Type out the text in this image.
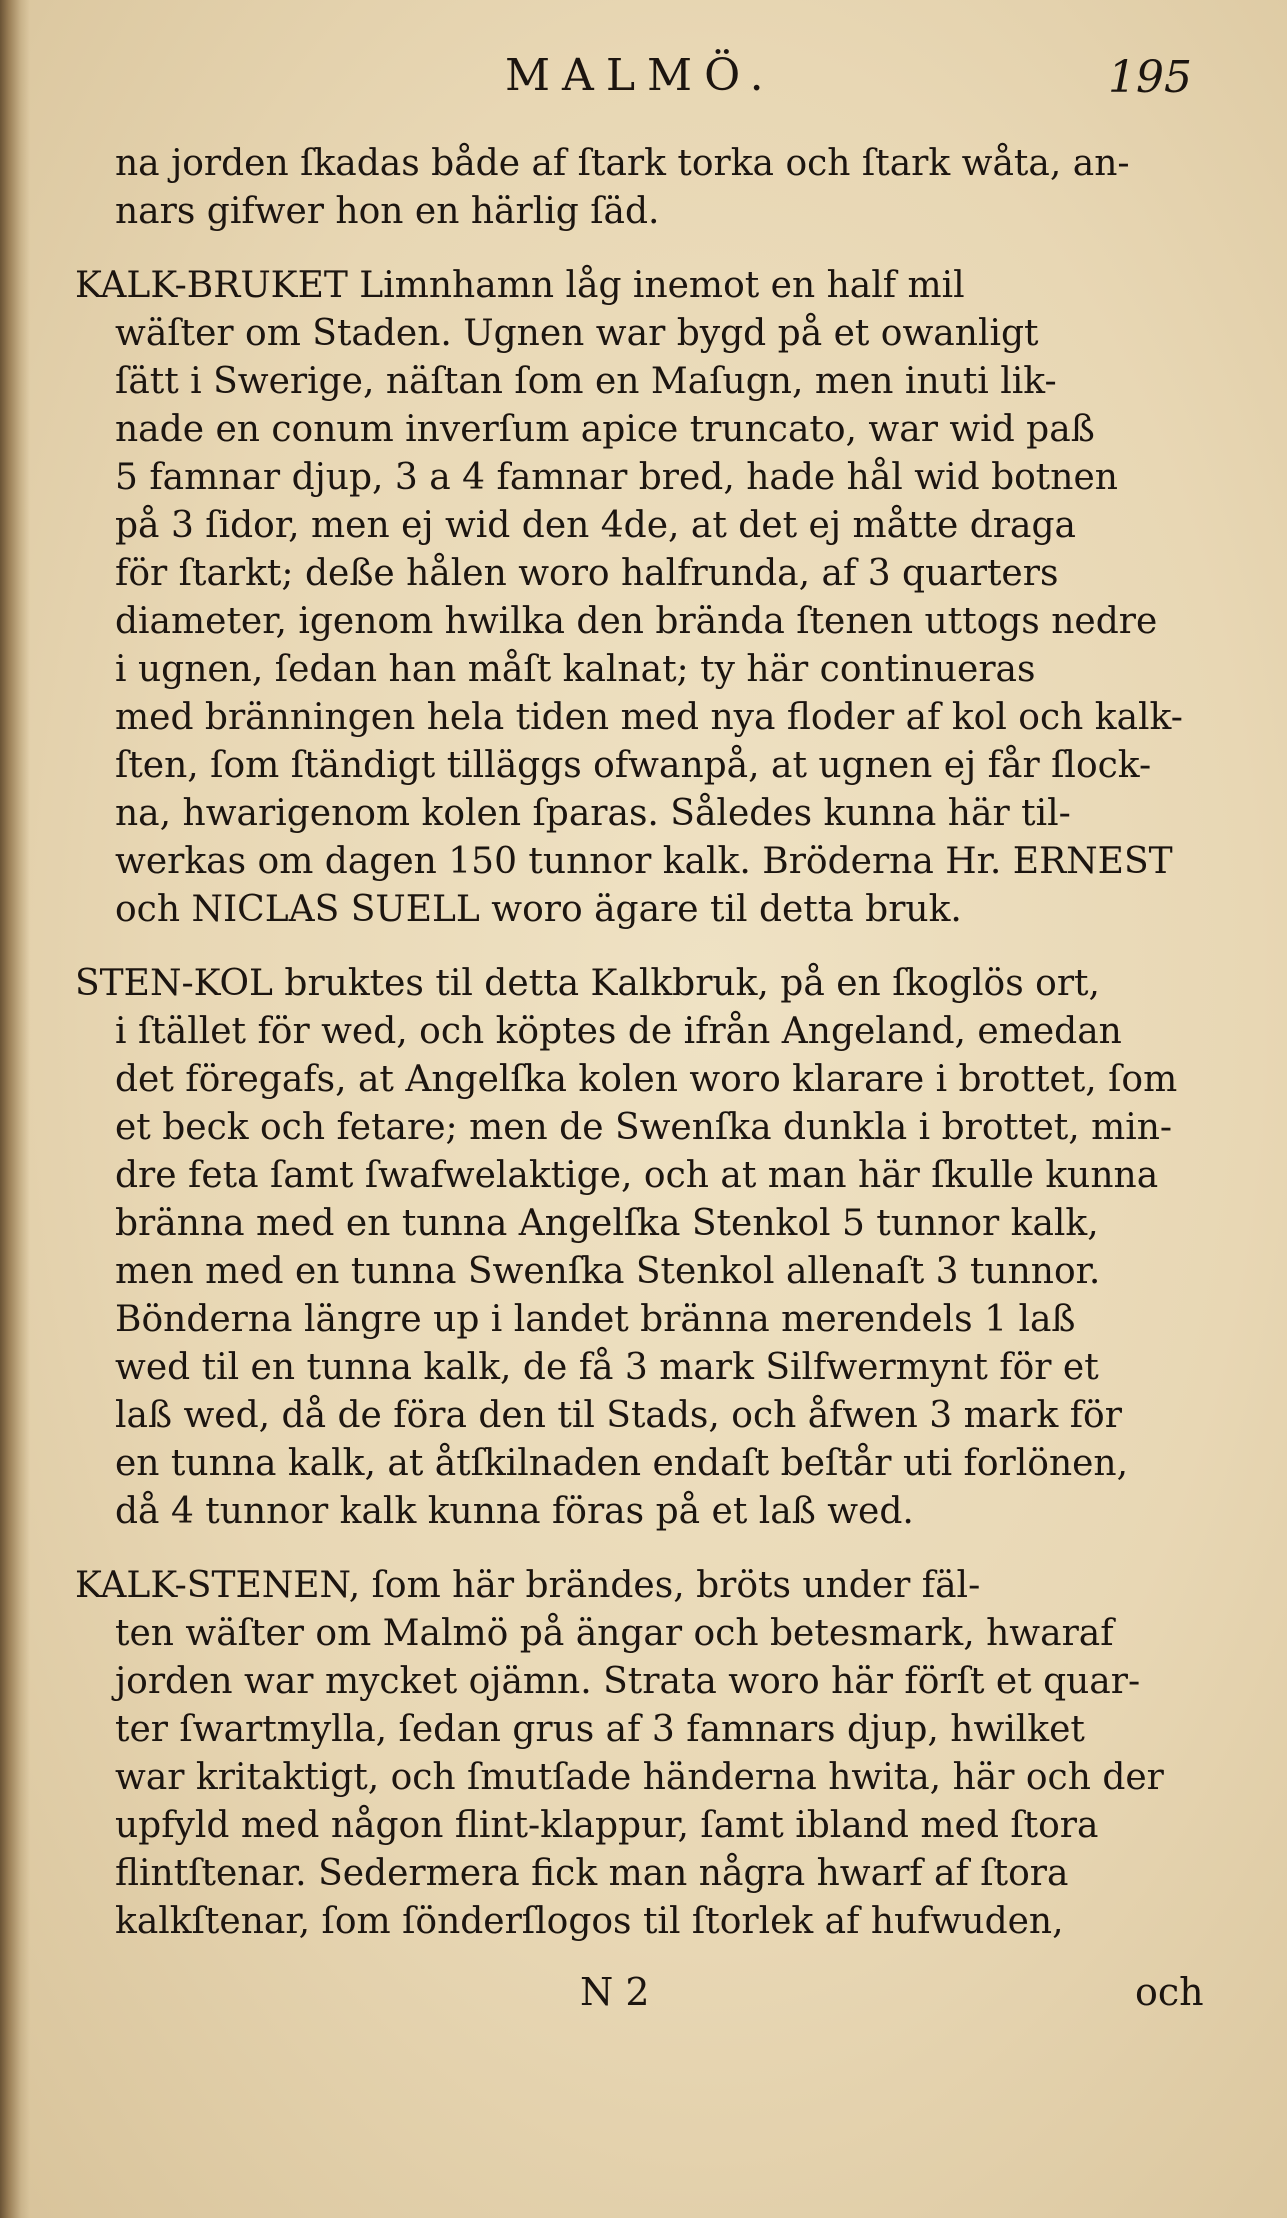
MALMÖ.	195
na jorden ſkadas både af ſtark torka och ſtark wåta, an-
nars gifwer hon en härlig ſäd.
KALK-BRUKET Limnhamn låg inemot en half mil
wäſter om Staden. Ugnen war bygd på et owanligt
ſätt i Swerige, näſtan ſom en Maſugn, men inuti lik-
nade en conum inverſum apice truncato, war wid paß
5 famnar djup, 3 a 4 famnar bred, hade hål wid botnen
på 3 ſidor, men ej wid den 4de, at det ej måtte draga
för ſtarkt; deße hålen woro halfrunda, af 3 quarters
diameter, igenom hwilka den brända ſtenen uttogs nedre
i ugnen, ſedan han måſt kalnat; ty här continueras
med bränningen hela tiden med nya floder af kol och kalk-
ſten, ſom ſtändigt tilläggs ofwanpå, at ugnen ej får ſlock-
na, hwarigenom kolen ſparas. Således kunna här til-
werkas om dagen 150 tunnor kalk. Bröderna Hr. ERNEST
och NICLAS SUELL woro ägare til detta bruk.
STEN-KOL bruktes til detta Kalkbruk, på en ſkoglös ort,
i ſtället för wed, och köptes de ifrån Angeland, emedan
det föregafs, at Angelſka kolen woro klarare i brottet, ſom
et beck och fetare; men de Swenſka dunkla i brottet, min-
dre feta ſamt ſwafwelaktige, och at man här ſkulle kunna
bränna med en tunna Angelſka Stenkol 5 tunnor kalk,
men med en tunna Swenſka Stenkol allenaſt 3 tunnor.
Bönderna längre up i landet bränna merendels 1 laß
wed til en tunna kalk, de få 3 mark Silfwermynt för et
laß wed, då de föra den til Stads, och åfwen 3 mark för
en tunna kalk, at åtſkilnaden endaſt beſtår uti forlönen,
då 4 tunnor kalk kunna föras på et laß wed.
KALK-STENEN, ſom här brändes, bröts under fäl-
ten wäſter om Malmö på ängar och betesmark, hwaraf
jorden war mycket ojämn. Strata woro här förſt et quar-
ter ſwartmylla, ſedan grus af 3 famnars djup, hwilket
war kritaktigt, och ſmutſade händerna hwita, här och der
upfyld med någon flint-klappur, ſamt ibland med ſtora
flintſtenar. Sedermera fick man några hwarf af ſtora
kalkſtenar, ſom ſönderſlogos til ſtorlek af hufwuden,
N 2	och
